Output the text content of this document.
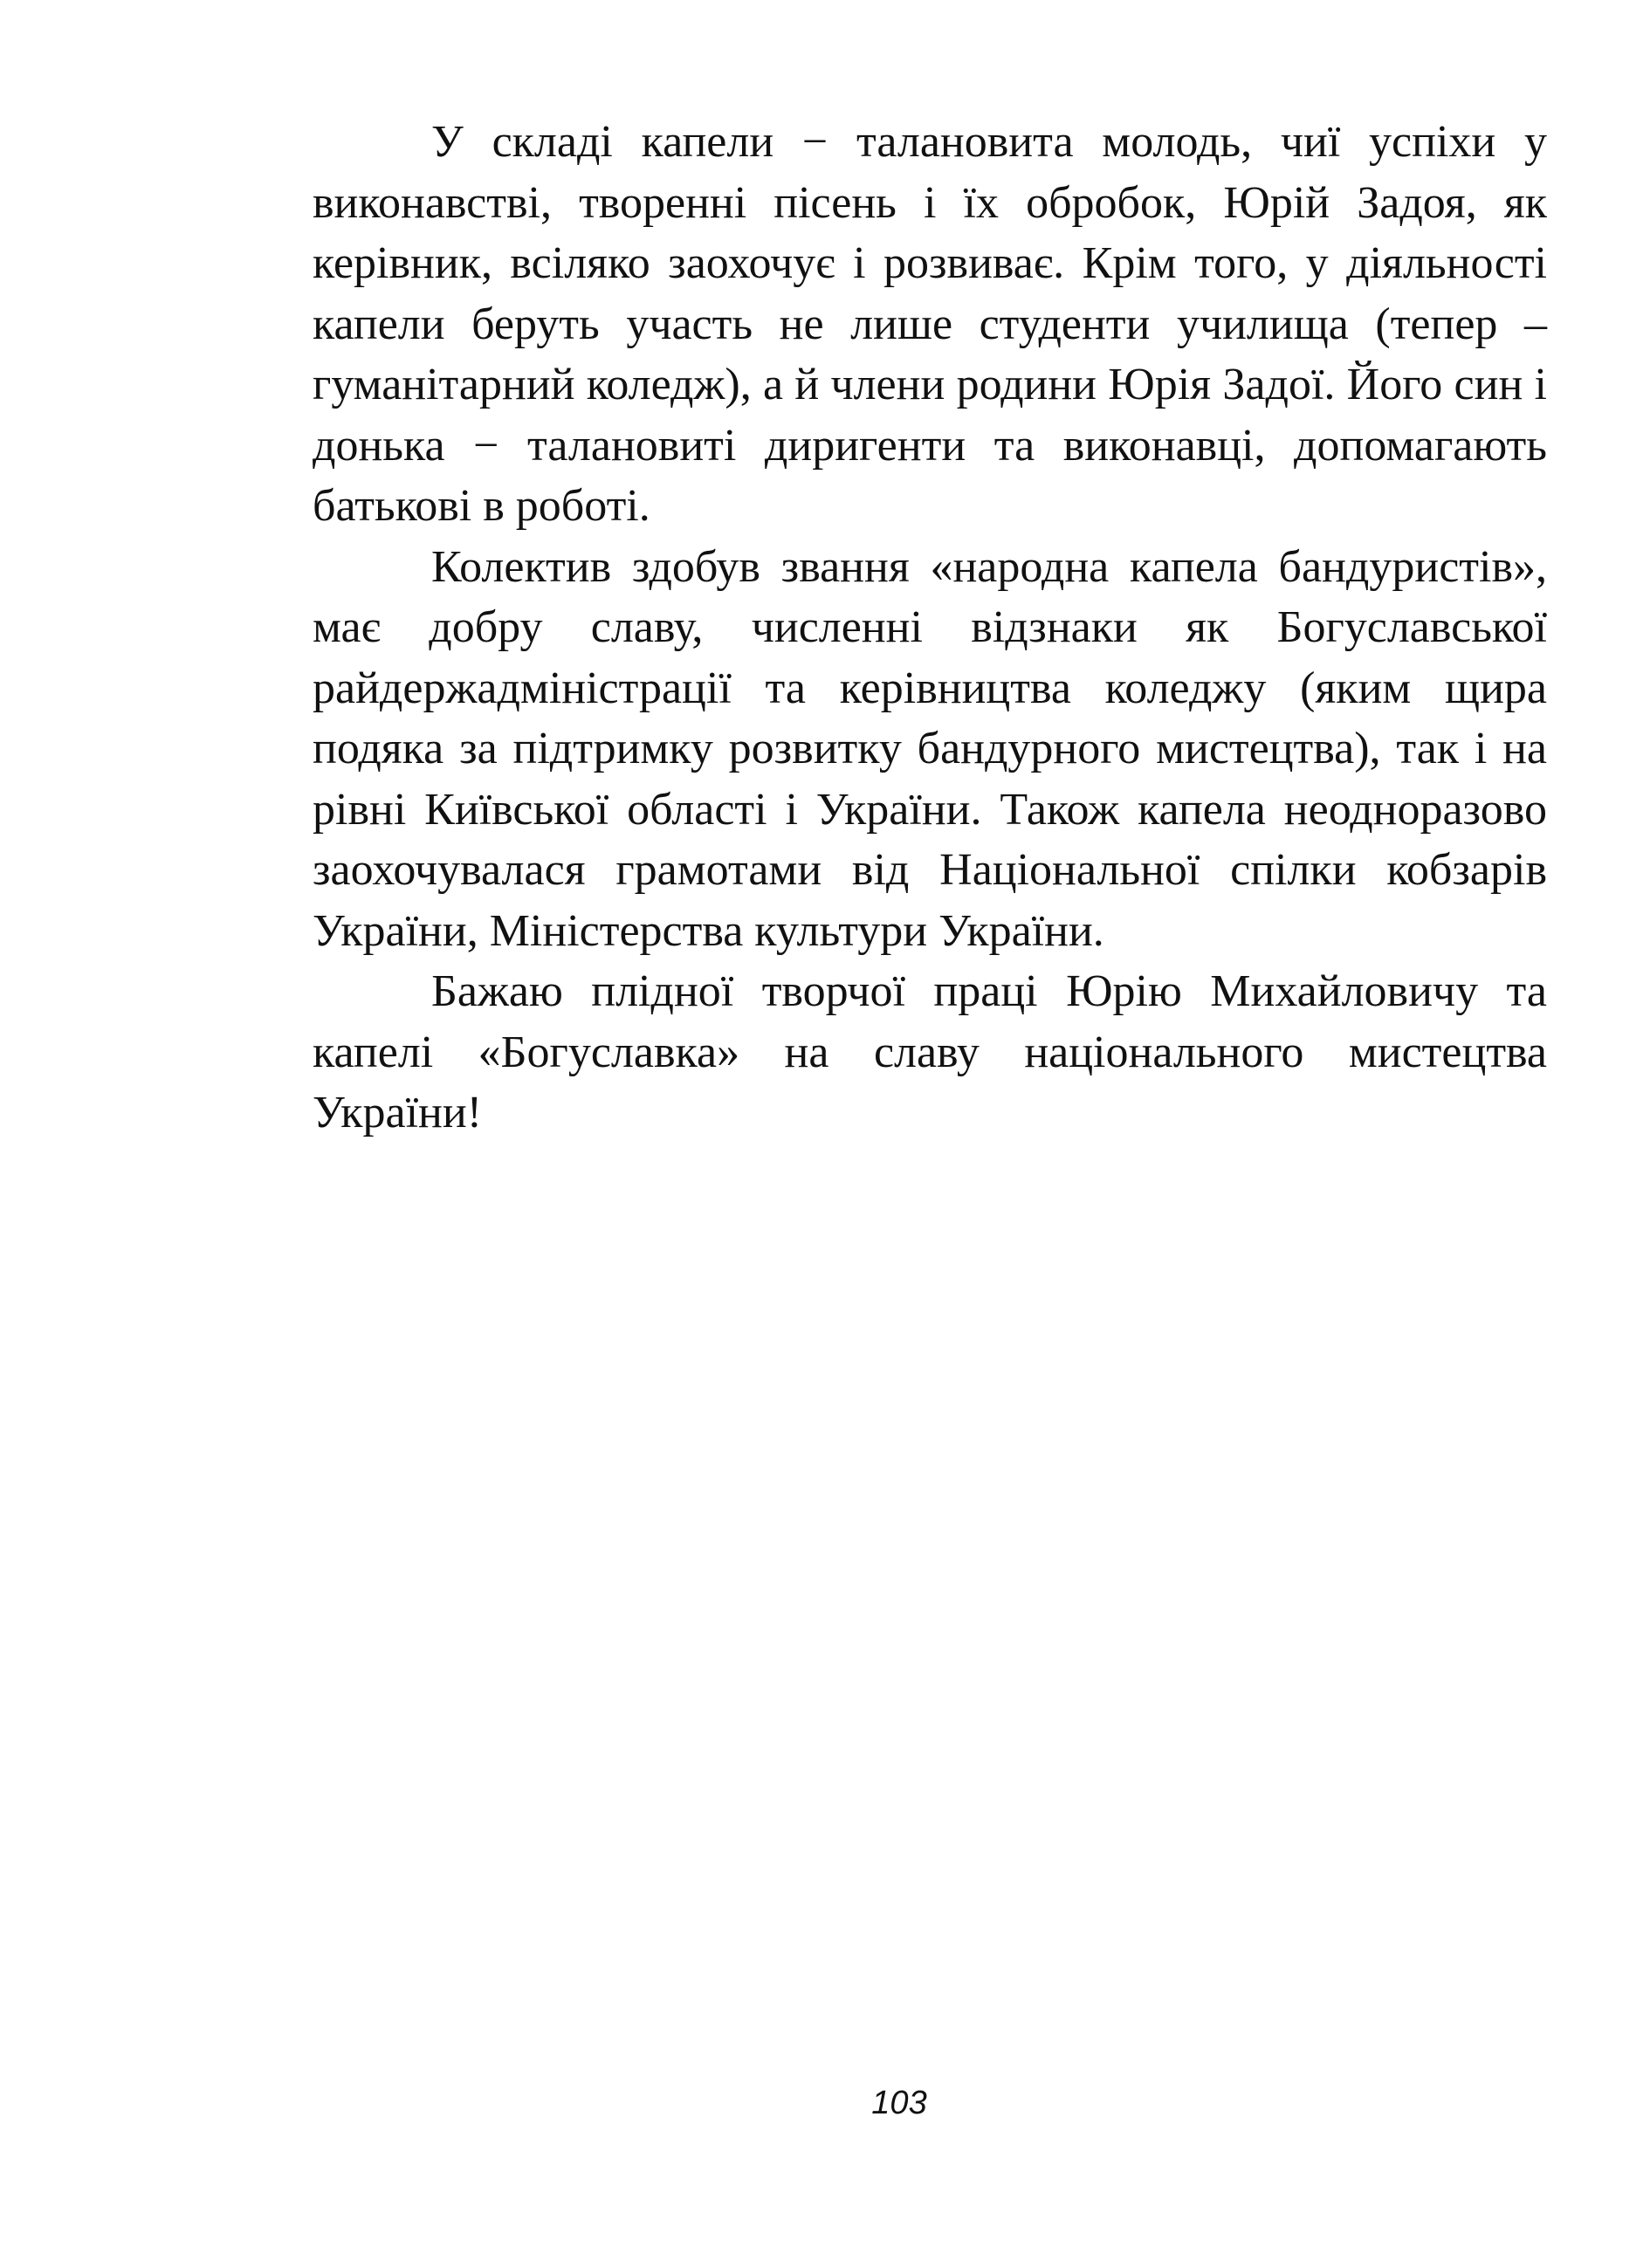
У складі капели − талановита молодь, чиї успіхи у виконавстві, творенні пісень і їх обробок, Юрій Задоя, як керівник, всіляко заохочує і розвиває. Крім того, у діяльності капели беруть участь не лише студенти училища (тепер – гуманітарний коледж), а й члени родини Юрія Задої. Його син і донька − талановиті диригенти та виконавці, допомагають батькові в роботі.

Колектив здобув звання «народна капела бандуристів», має добру славу, численні відзнаки як Богуславської райдержадміністрації та керівництва коледжу (яким щира подяка за підтримку розвитку бандурного мистецтва), так і на рівні Київської області і України. Також капела неодноразово заохочувалася грамотами від Національної спілки кобзарів України, Міністерства культури України.

Бажаю плідної творчої праці Юрію Михайловичу та капелі «Богуславка» на славу національного мистецтва України!

103
